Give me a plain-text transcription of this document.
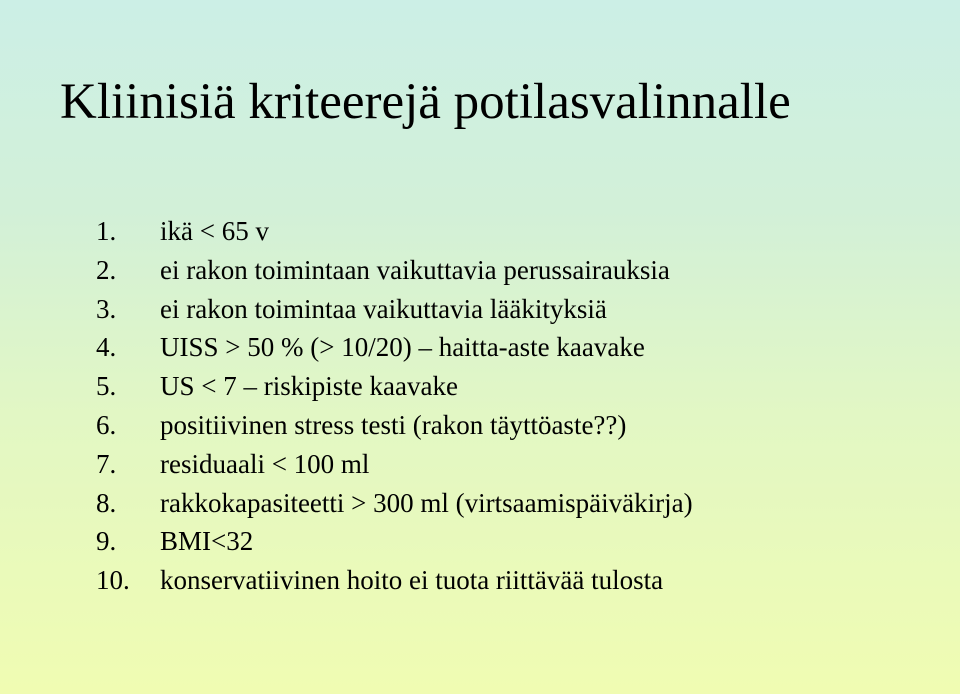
Kliinisiä kriteerejä potilasvalinnalle
1. ikä < 65 v
2. ei rakon toimintaan vaikuttavia perussairauksia
3. ei rakon toimintaa vaikuttavia lääkityksiä
4. UISS > 50 % (> 10/20) – haitta-aste kaavake
5. US < 7 – riskipiste kaavake
6. positiivinen stress testi (rakon täyttöaste??)
7. residuaali < 100 ml
8. rakkokapasiteetti > 300 ml (virtsaamispäiväkirja)
9. BMI<32
10. konservatiivinen hoito ei tuota riittävää tulosta
